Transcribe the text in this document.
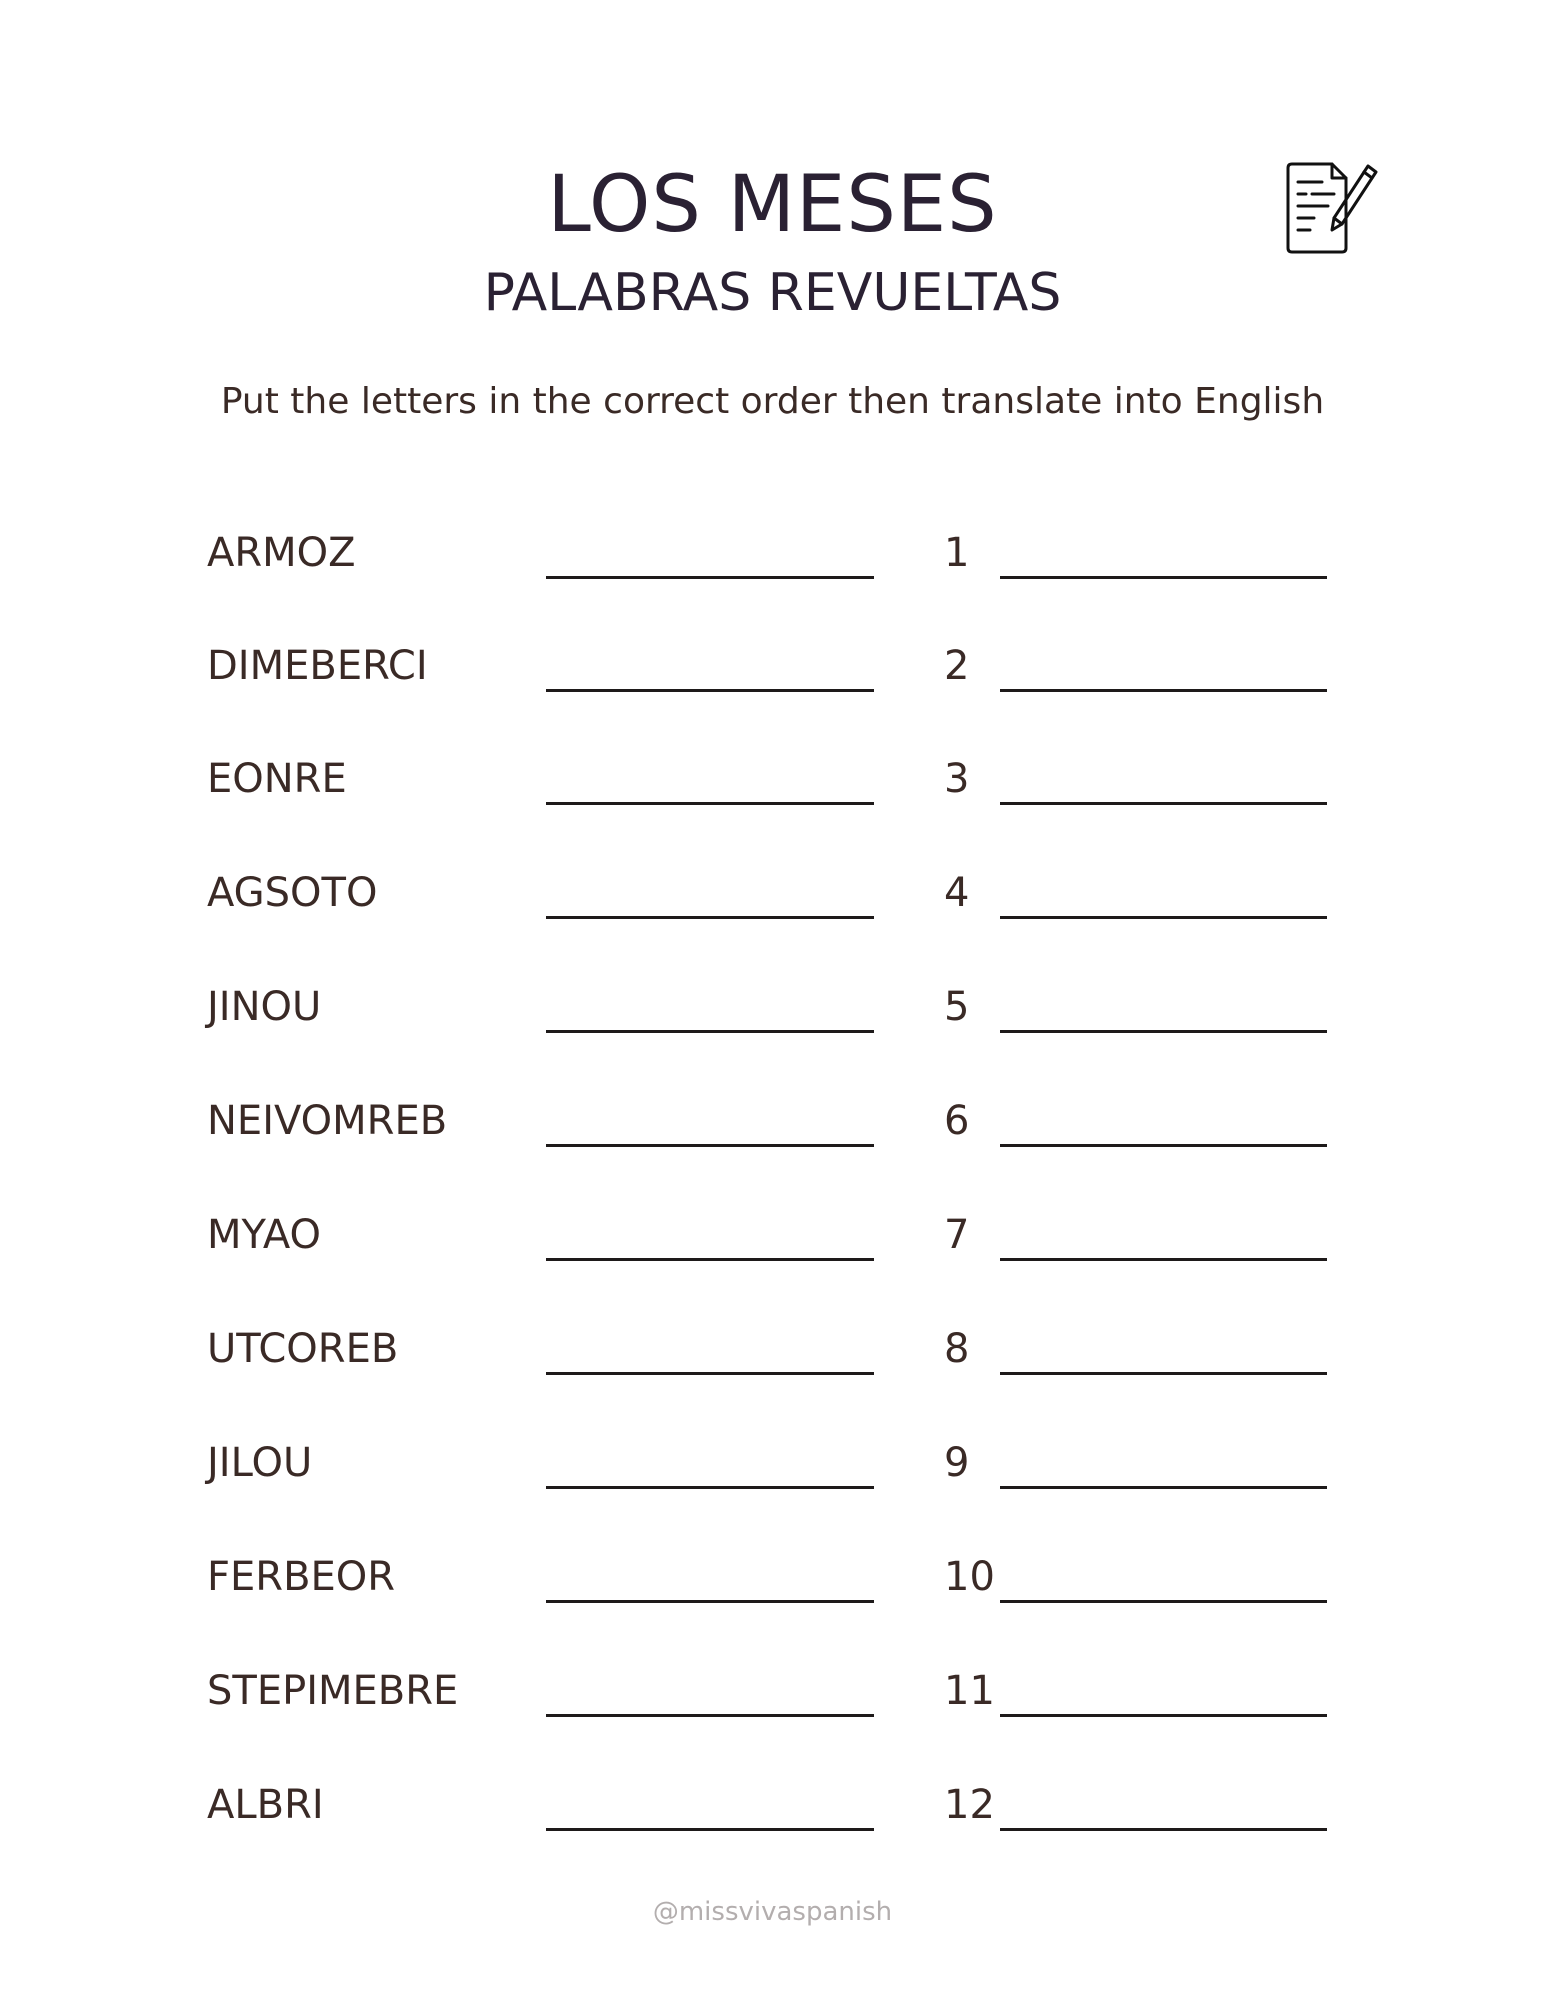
LOS MESES
PALABRAS REVUELTAS

Put the letters in the correct order then translate into English

ARMOZ	1
DIMEBERCI	2
EONRE	3
AGSOTO	4
JINOU	5
NEIVOMREB	6
MYAO	7
UTCOREB	8
JILOU	9
FERBEOR	10
STEPIMEBRE	11
ALBRI	12

@missvivaspanish
